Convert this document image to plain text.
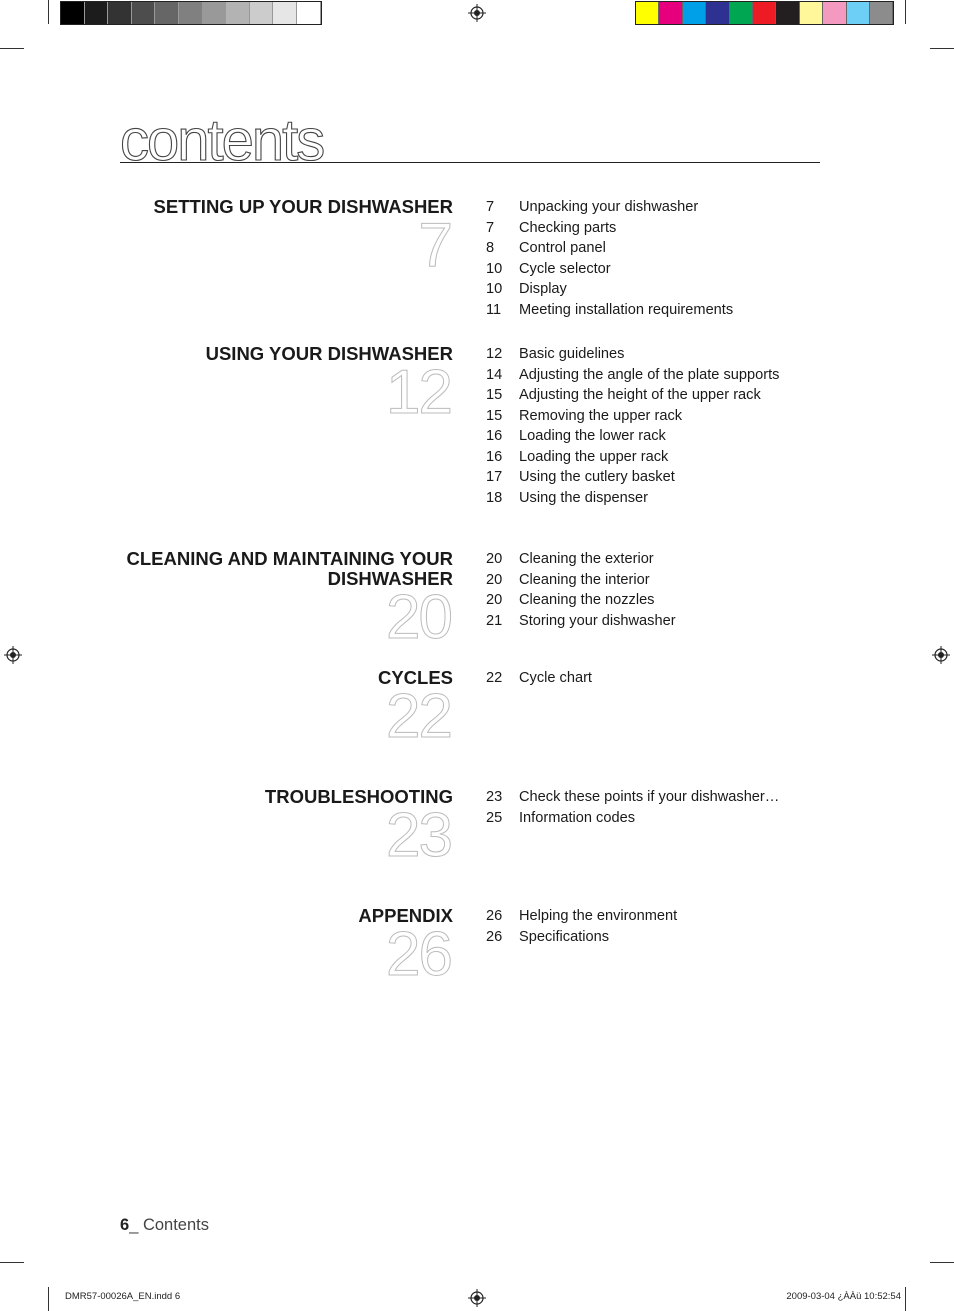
contents
SETTING UP YOUR DISHWASHER
7
7	Unpacking your dishwasher
7	Checking parts
8	Control panel
10	Cycle selector
10	Display
11	Meeting installation requirements
USING YOUR DISHWASHER
12
12	Basic guidelines
14	Adjusting the angle of the plate supports
15	Adjusting the height of the upper rack
15	Removing the upper rack
16	Loading the lower rack
16	Loading the upper rack
17	Using the cutlery basket
18	Using the dispenser
CLEANING AND MAINTAINING YOUR DISHWASHER
20
20	Cleaning the exterior
20	Cleaning the interior
20	Cleaning the nozzles
21	Storing your dishwasher
CYCLES
22
22	Cycle chart
TROUBLESHOOTING
23
23	Check these points if your dishwasher…
25	Information codes
APPENDIX
26
26	Helping the environment
26	Specifications
6_ Contents
DMR57-00026A_EN.indd 6	2009-03-04 ¿ÀÀü 10:52:54
